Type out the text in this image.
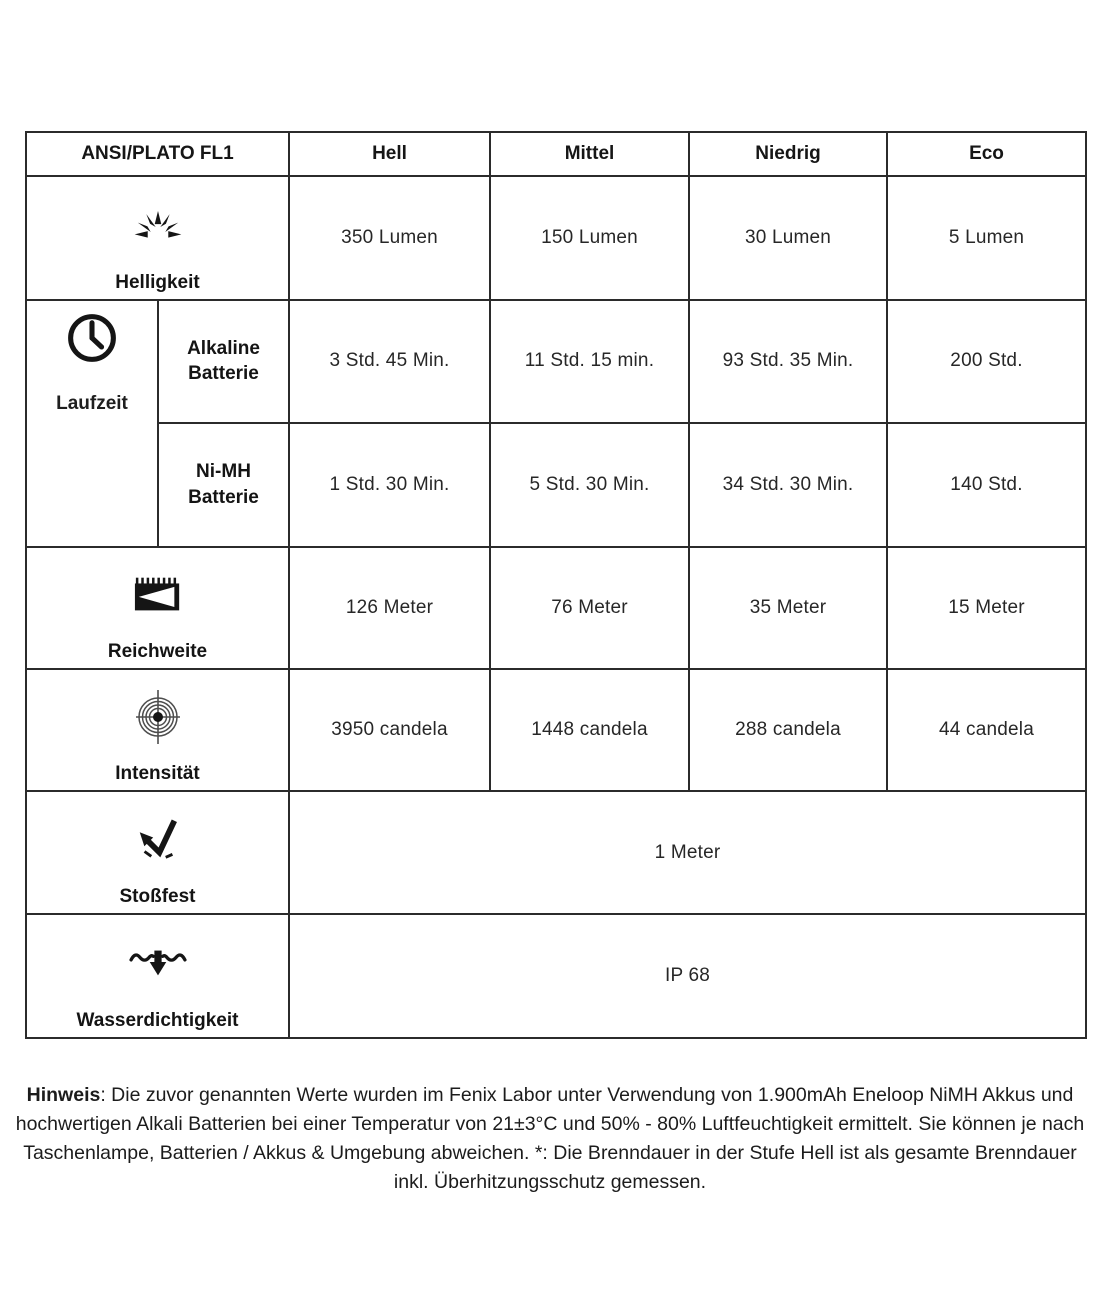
ANSI/PLATO FL1		Hell	Mittel	Niedrig	Eco

Helligkeit		350 Lumen	150 Lumen	30 Lumen	5 Lumen

Laufzeit	Alkaline Batterie	3 Std. 45 Min.	11 Std. 15 min.	93 Std. 35 Min.	200 Std.

	Ni-MH Batterie	1 Std. 30 Min.	5 Std. 30 Min.	34 Std. 30 Min.	140 Std.

Reichweite		126 Meter	76 Meter	35 Meter	15 Meter

Intensität		3950 candela	1448 candela	288 candela	44 candela

Stoßfest		1 Meter			

Wasserdichtigkeit		IP 68			

Hinweis: Die zuvor genannten Werte wurden im Fenix Labor unter Verwendung von 1.900mAh Eneloop NiMH Akkus und hochwertigen Alkali Batterien bei einer Temperatur von 21±3°C und 50% - 80% Luftfeuchtigkeit ermittelt. Sie können je nach Taschenlampe, Batterien / Akkus & Umgebung abweichen. *: Die Brenndauer in der Stufe Hell ist als gesamte Brenndauer inkl. Überhitzungsschutz gemessen.
